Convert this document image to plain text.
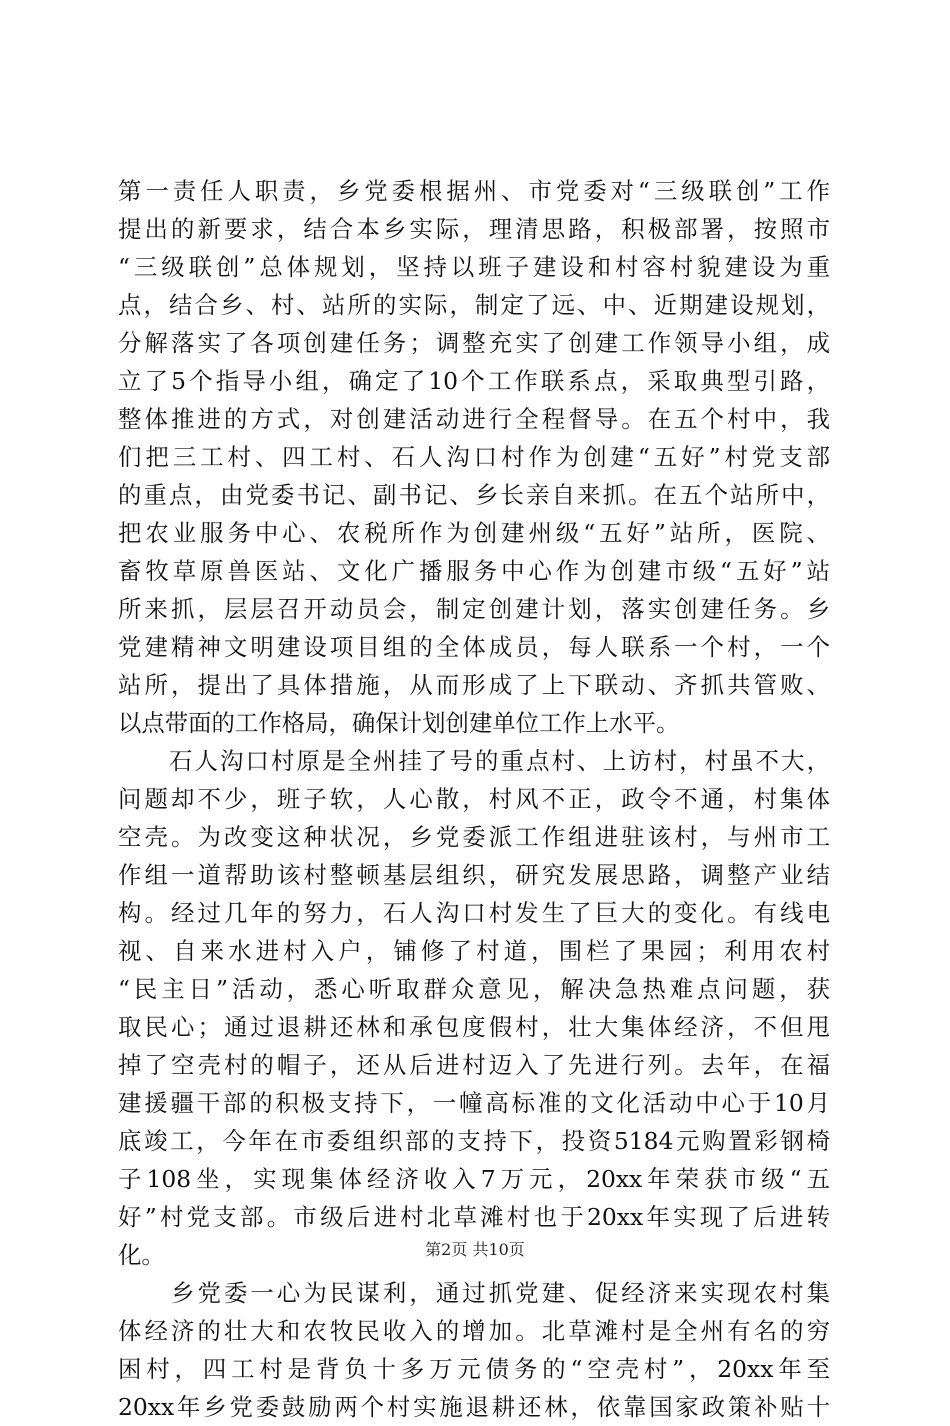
第一责任人职责，乡党委根据州、市党委对“三级联创”工作
提出的新要求，结合本乡实际，理清思路，积极部署，按照市
“三级联创”总体规划，坚持以班子建设和村容村貌建设为重
点，结合乡、村、站所的实际，制定了远、中、近期建设规划，
分解落实了各项创建任务；调整充实了创建工作领导小组，成
立了5个指导小组，确定了10个工作联系点，采取典型引路，
整体推进的方式，对创建活动进行全程督导。在五个村中，我
们把三工村、四工村、石人沟口村作为创建“五好”村党支部
的重点，由党委书记、副书记、乡长亲自来抓。在五个站所中，
把农业服务中心、农税所作为创建州级“五好”站所，医院、
畜牧草原兽医站、文化广播服务中心作为创建市级“五好”站
所来抓，层层召开动员会，制定创建计划，落实创建任务。乡
党建精神文明建设项目组的全体成员，每人联系一个村，一个
站所，提出了具体措施，从而形成了上下联动、齐抓共管败、
以点带面的工作格局，确保计划创建单位工作上水平。
　　石人沟口村原是全州挂了号的重点村、上访村，村虽不大，
问题却不少，班子软，人心散，村风不正，政令不通，村集体
空壳。为改变这种状况，乡党委派工作组进驻该村，与州市工
作组一道帮助该村整顿基层组织，研究发展思路，调整产业结
构。经过几年的努力，石人沟口村发生了巨大的变化。有线电
视、自来水进村入户，铺修了村道，围栏了果园；利用农村
“民主日”活动，悉心听取群众意见，解决急热难点问题，获
取民心；通过退耕还林和承包度假村，壮大集体经济，不但甩
掉了空壳村的帽子，还从后进村迈入了先进行列。去年，在福
建援疆干部的积极支持下，一幢高标准的文化活动中心于10月
底竣工，今年在市委组织部的支持下，投资5184元购置彩钢椅
子108坐，实现集体经济收入7万元，20xx年荣获市级“五
好”村党支部。市级后进村北草滩村也于20xx年实现了后进转
化。
　　乡党委一心为民谋利，通过抓党建、促经济来实现农村集
体经济的壮大和农牧民收入的增加。北草滩村是全州有名的穷
困村，四工村是背负十多万元债务的“空壳村”，20xx年至
20xx年乡党委鼓励两个村实施退耕还林，依靠国家政策补贴十
第2页 共10页
